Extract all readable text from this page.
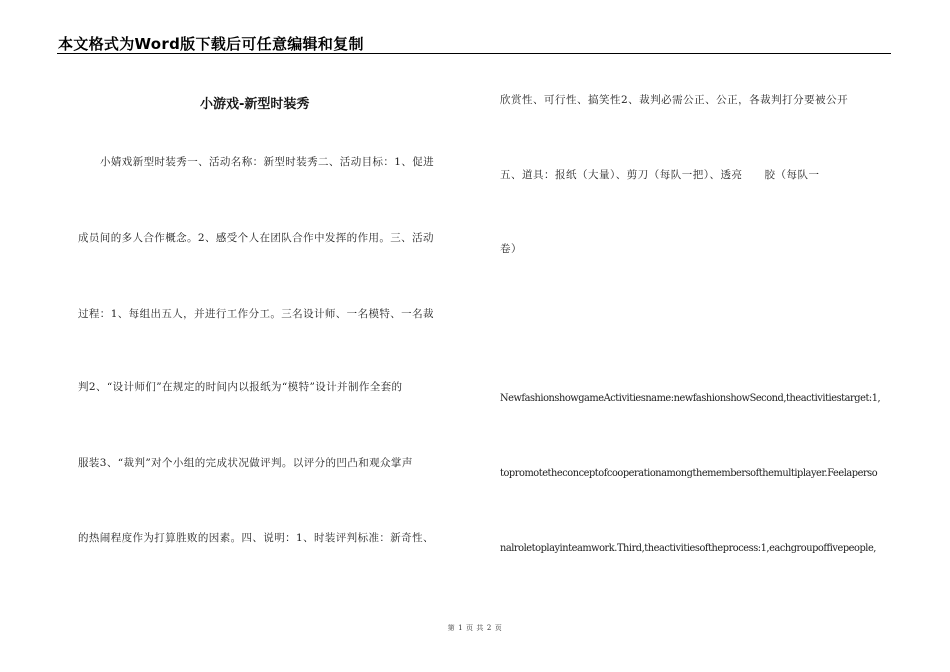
本文格式为Word版下载后可任意编辑和复制
小游戏-新型时装秀
小婧戏新型时装秀一、活动名称：新型时装秀二、活动目标：1、促进
成员间的多人合作概念。2、感受个人在团队合作中发挥的作用。三、活动
过程：1、每组出五人，并进行工作分工。三名设计师、一名模特、一名裁
判2、“设计师们”在规定的时间内以报纸为“模特”设计并制作全套的
服装3、“裁判”对个小组的完成状况做评判。以评分的凹凸和观众掌声
的热闹程度作为打算胜败的因素。四、说明：1、时装评判标准：新奇性、
欣赏性、可行性、搞笑性2、裁判必需公正、公正，各裁判打分要被公开
五、道具：报纸（大量）、剪刀（每队一把）、透亮 胶（每队一
卷）
NewfashionshowgameActivitiesname:newfashionshowSecond,theactivitiestarget:1,
topromotetheconceptofcooperationamongthemembersofthemultiplayer.Feelaperso
nalroletoplayinteamwork.Third,theactivitiesoftheprocess:1,eachgroupoffivepeople,
第 1 页 共 2 页
